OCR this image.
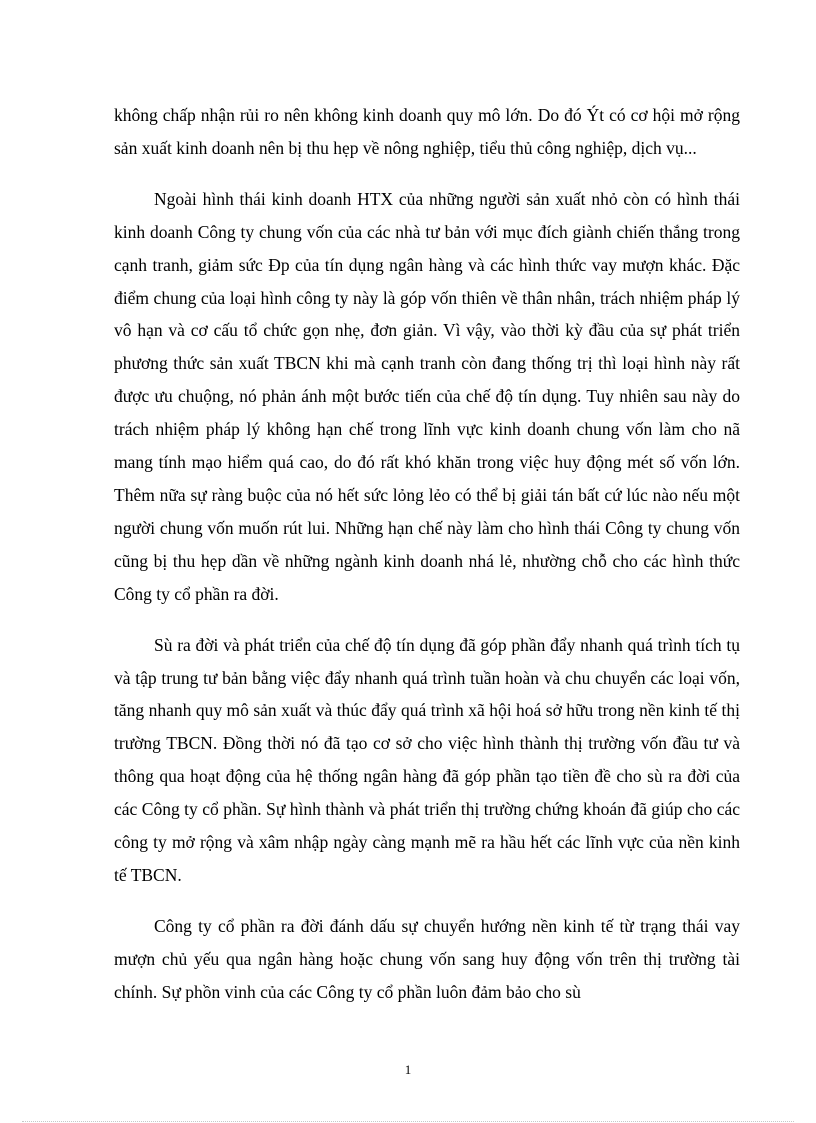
không chấp nhận rủi ro nên không kinh doanh quy mô lớn. Do đó Ýt có cơ hội mở rộng sản xuất kinh doanh nên bị thu hẹp về nông nghiệp, tiểu thủ công nghiệp, dịch vụ...

Ngoài hình thái kinh doanh HTX của những người sản xuất nhỏ còn có hình thái kinh doanh Công ty chung vốn của các nhà tư bản với mục đích giành chiến thắng trong cạnh tranh, giảm sức Đp của tín dụng ngân hàng và các hình thức vay mượn khác. Đặc điểm chung của loại hình công ty này là góp vốn thiên về thân nhân, trách nhiệm pháp lý vô hạn và cơ cấu tổ chức gọn nhẹ, đơn giản. Vì vậy, vào thời kỳ đầu của sự phát triển phương thức sản xuất TBCN khi mà cạnh tranh còn đang thống trị thì loại hình này rất được ưu chuộng, nó phản ánh một bước tiến của chế độ tín dụng. Tuy nhiên sau này do trách nhiệm pháp lý không hạn chế trong lĩnh vực kinh doanh chung vốn làm cho nã mang tính mạo hiểm quá cao, do đó rất khó khăn trong việc huy động mét số vốn lớn. Thêm nữa sự ràng buộc của nó hết sức lỏng lẻo có thể bị giải tán bất cứ lúc nào nếu một người chung vốn muốn rút lui. Những hạn chế này làm cho hình thái Công ty chung vốn cũng bị thu hẹp dần về những ngành kinh doanh nhá lẻ, nhường chỗ cho các hình thức Công ty cổ phần ra đời.

Sù ra đời và phát triển của chế độ tín dụng đã góp phần đẩy nhanh quá trình tích tụ và tập trung tư bản bằng việc đẩy nhanh quá trình tuần hoàn và chu chuyển các loại vốn, tăng nhanh quy mô sản xuất và thúc đẩy quá trình xã hội hoá sở hữu trong nền kinh tế thị trường TBCN. Đồng thời nó đã tạo cơ sở cho việc hình thành thị trường vốn đầu tư và thông qua hoạt động của hệ thống ngân hàng đã góp phần tạo tiền đề cho sù ra đời của các Công ty cổ phần. Sự hình thành và phát triển thị trường chứng khoán đã giúp cho các công ty mở rộng và xâm nhập ngày càng mạnh mẽ ra hầu hết các lĩnh vực của nền kinh tế TBCN.

Công ty cổ phần ra đời đánh dấu sự chuyển hướng nền kinh tế từ trạng thái vay mượn chủ yếu qua ngân hàng hoặc chung vốn sang huy động vốn trên thị trường tài chính. Sự phồn vinh của các Công ty cổ phần luôn đảm bảo cho sù

1
